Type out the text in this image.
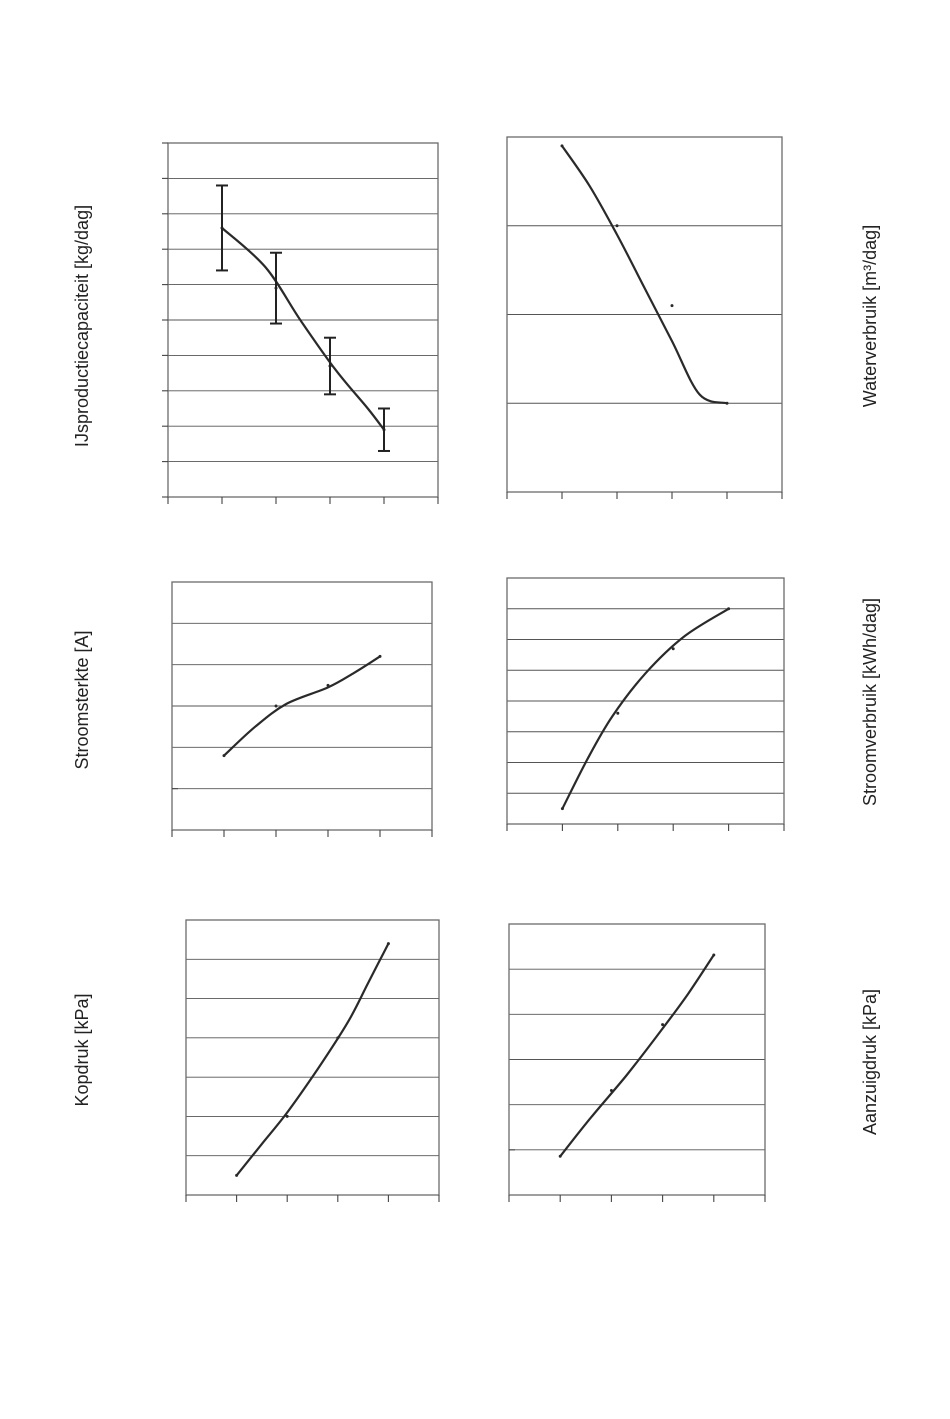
IJsproductiecapaciteit [kg/dag]	Waterverbruik [m³/dag]
Stroomsterkte [A]	Stroomverbruik [kWh/dag]
Kopdruk [kPa]	Aanzuigdruk [kPa]
